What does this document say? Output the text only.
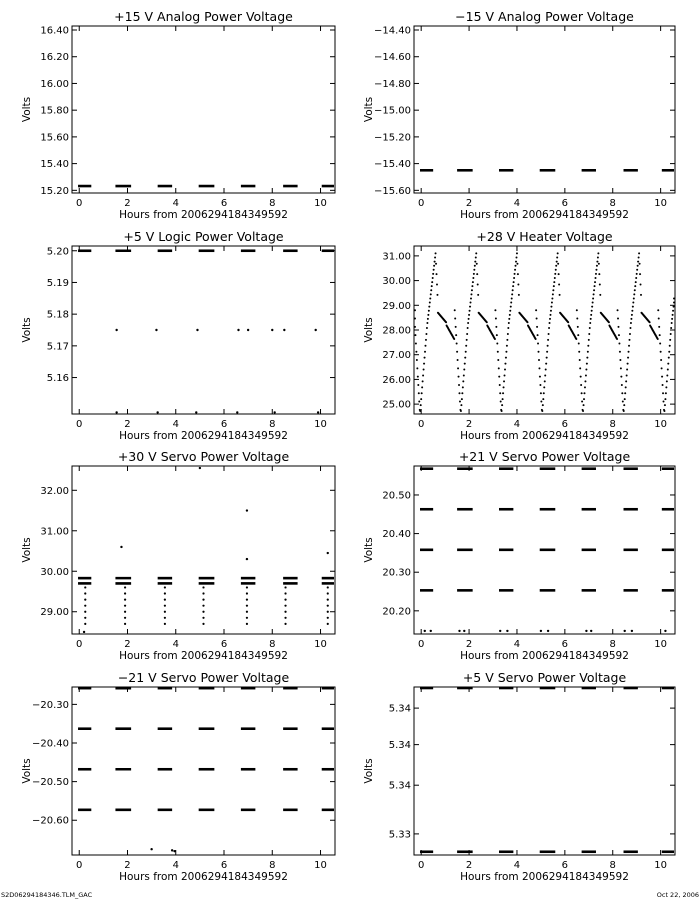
+15 V Analog Power Voltage
0	2	4	6	8	10
15.20
15.40
15.60
15.80
16.00
16.20
16.40
Hours from 2006294184349592
Volts
−15 V Analog Power Voltage
0	2	4	6	8	10
−15.60
−15.40
−15.20
−15.00
−14.80
−14.60
−14.40
Hours from 2006294184349592
Volts
+5 V Logic Power Voltage
0	2	4	6	8	10
5.16
5.17
5.18
5.19
5.20
Hours from 2006294184349592
Volts
+28 V Heater Voltage
0	2	4	6	8	10
25.00
26.00
27.00
28.00
29.00
30.00
31.00
Hours from 2006294184349592
Volts
+30 V Servo Power Voltage
0	2	4	6	8	10
29.00
30.00
31.00
32.00
Hours from 2006294184349592
Volts
+21 V Servo Power Voltage
0	2	4	6	8	10
20.20
20.30
20.40
20.50
Hours from 2006294184349592
Volts
−21 V Servo Power Voltage
0	2	4	6	8	10
−20.60
−20.50
−20.40
−20.30
Hours from 2006294184349592
Volts
+5 V Servo Power Voltage
0	2	4	6	8	10
5.33
5.34
5.34
5.34
Hours from 2006294184349592
Volts
S2D06294184346.TLM_GAC	Oct 22, 2006
